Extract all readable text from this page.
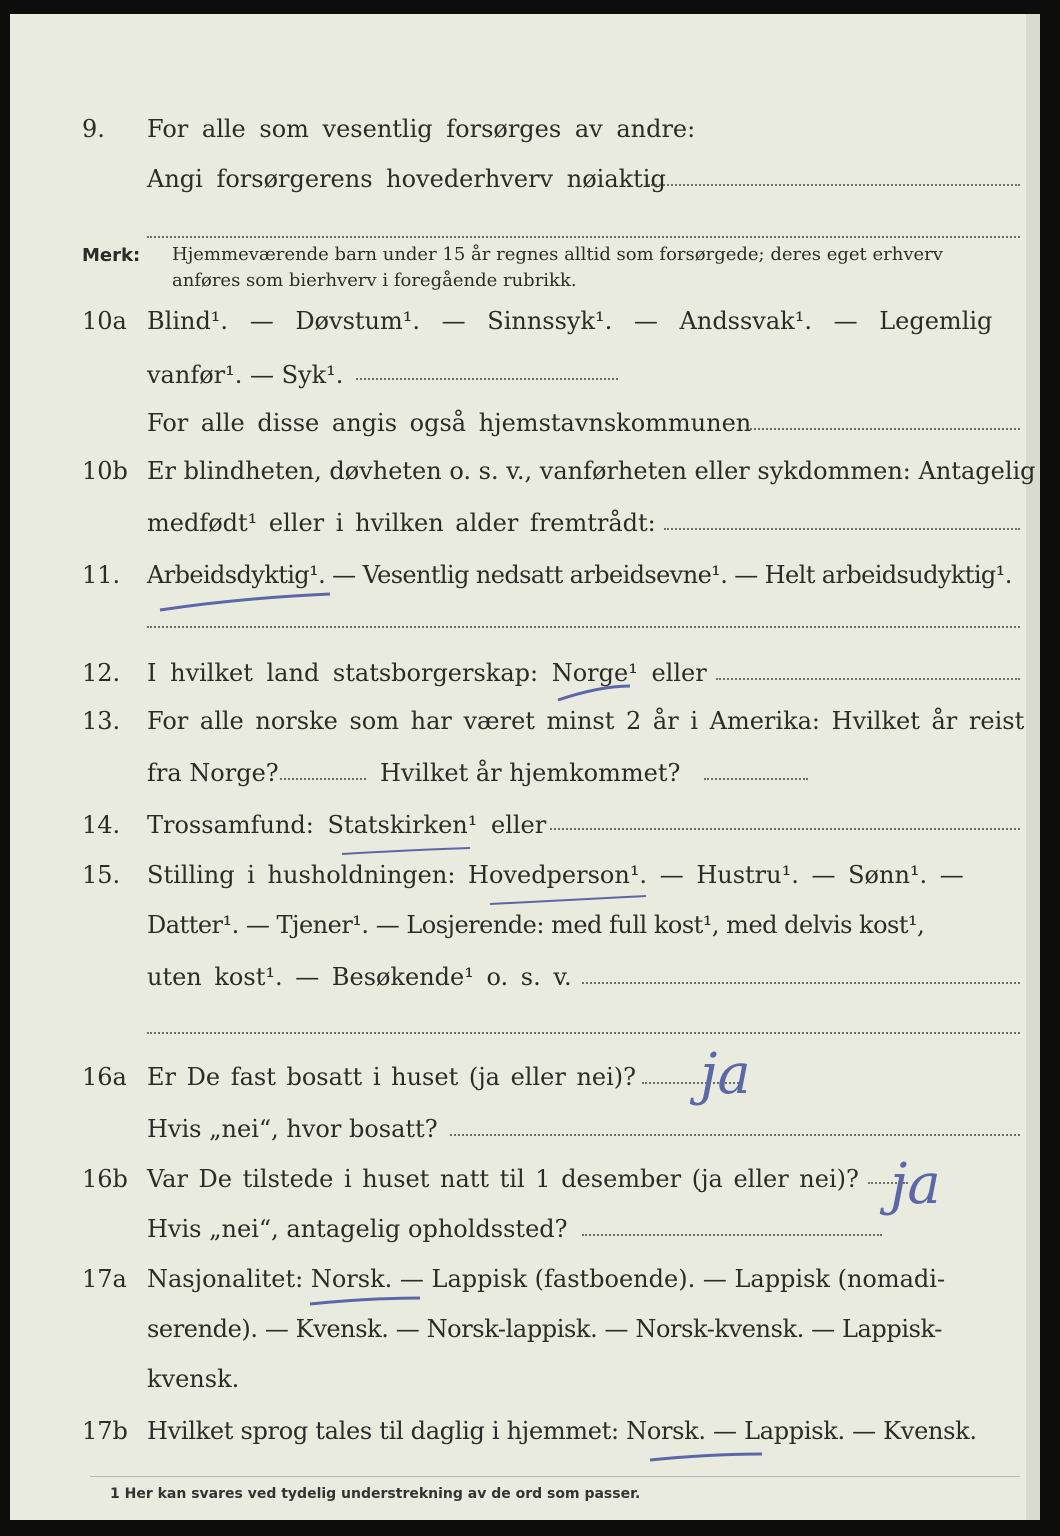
9. For alle som vesentlig forsørges av andre:
Angi forsørgerens hovederhverv nøiaktig
Merk: Hjemmeværende barn under 15 år regnes alltid som forsørgede; deres eget erhverv
anføres som bierhverv i foregående rubrikk.
10a Blind¹. — Døvstum¹. — Sinnssyk¹. — Andssvak¹. — Legemlig
vanfør¹. — Syk¹.
For alle disse angis også hjemstavnskommunen
10b Er blindheten, døvheten o. s. v., vanførheten eller sykdommen: Antagelig
medfødt¹ eller i hvilken alder fremtrådt:
11. Arbeidsdyktig¹. — Vesentlig nedsatt arbeidsevne¹. — Helt arbeidsudyktig¹.
12. I hvilket land statsborgerskap: Norge¹ eller
13. For alle norske som har været minst 2 år i Amerika: Hvilket år reist
fra Norge?	Hvilket år hjemkommet?
14. Trossamfund: Statskirken¹ eller
15. Stilling i husholdningen: Hovedperson¹. — Hustru¹. — Sønn¹. —
Datter¹. — Tjener¹. — Losjerende: med full kost¹, med delvis kost¹,
uten kost¹. — Besøkende¹ o. s. v.
16a Er De fast bosatt i huset (ja eller nei)? ja
Hvis „nei“, hvor bosatt?
16b Var De tilstede i huset natt til 1 desember (ja eller nei)? ja
Hvis „nei“, antagelig opholdssted?
17a Nasjonalitet: Norsk. — Lappisk (fastboende). — Lappisk (nomadi-
serende). — Kvensk. — Norsk-lappisk. — Norsk-kvensk. — Lappisk-
kvensk.
17b Hvilket sprog tales til daglig i hjemmet: Norsk. — Lappisk. — Kvensk.
1 Her kan svares ved tydelig understrekning av de ord som passer.
